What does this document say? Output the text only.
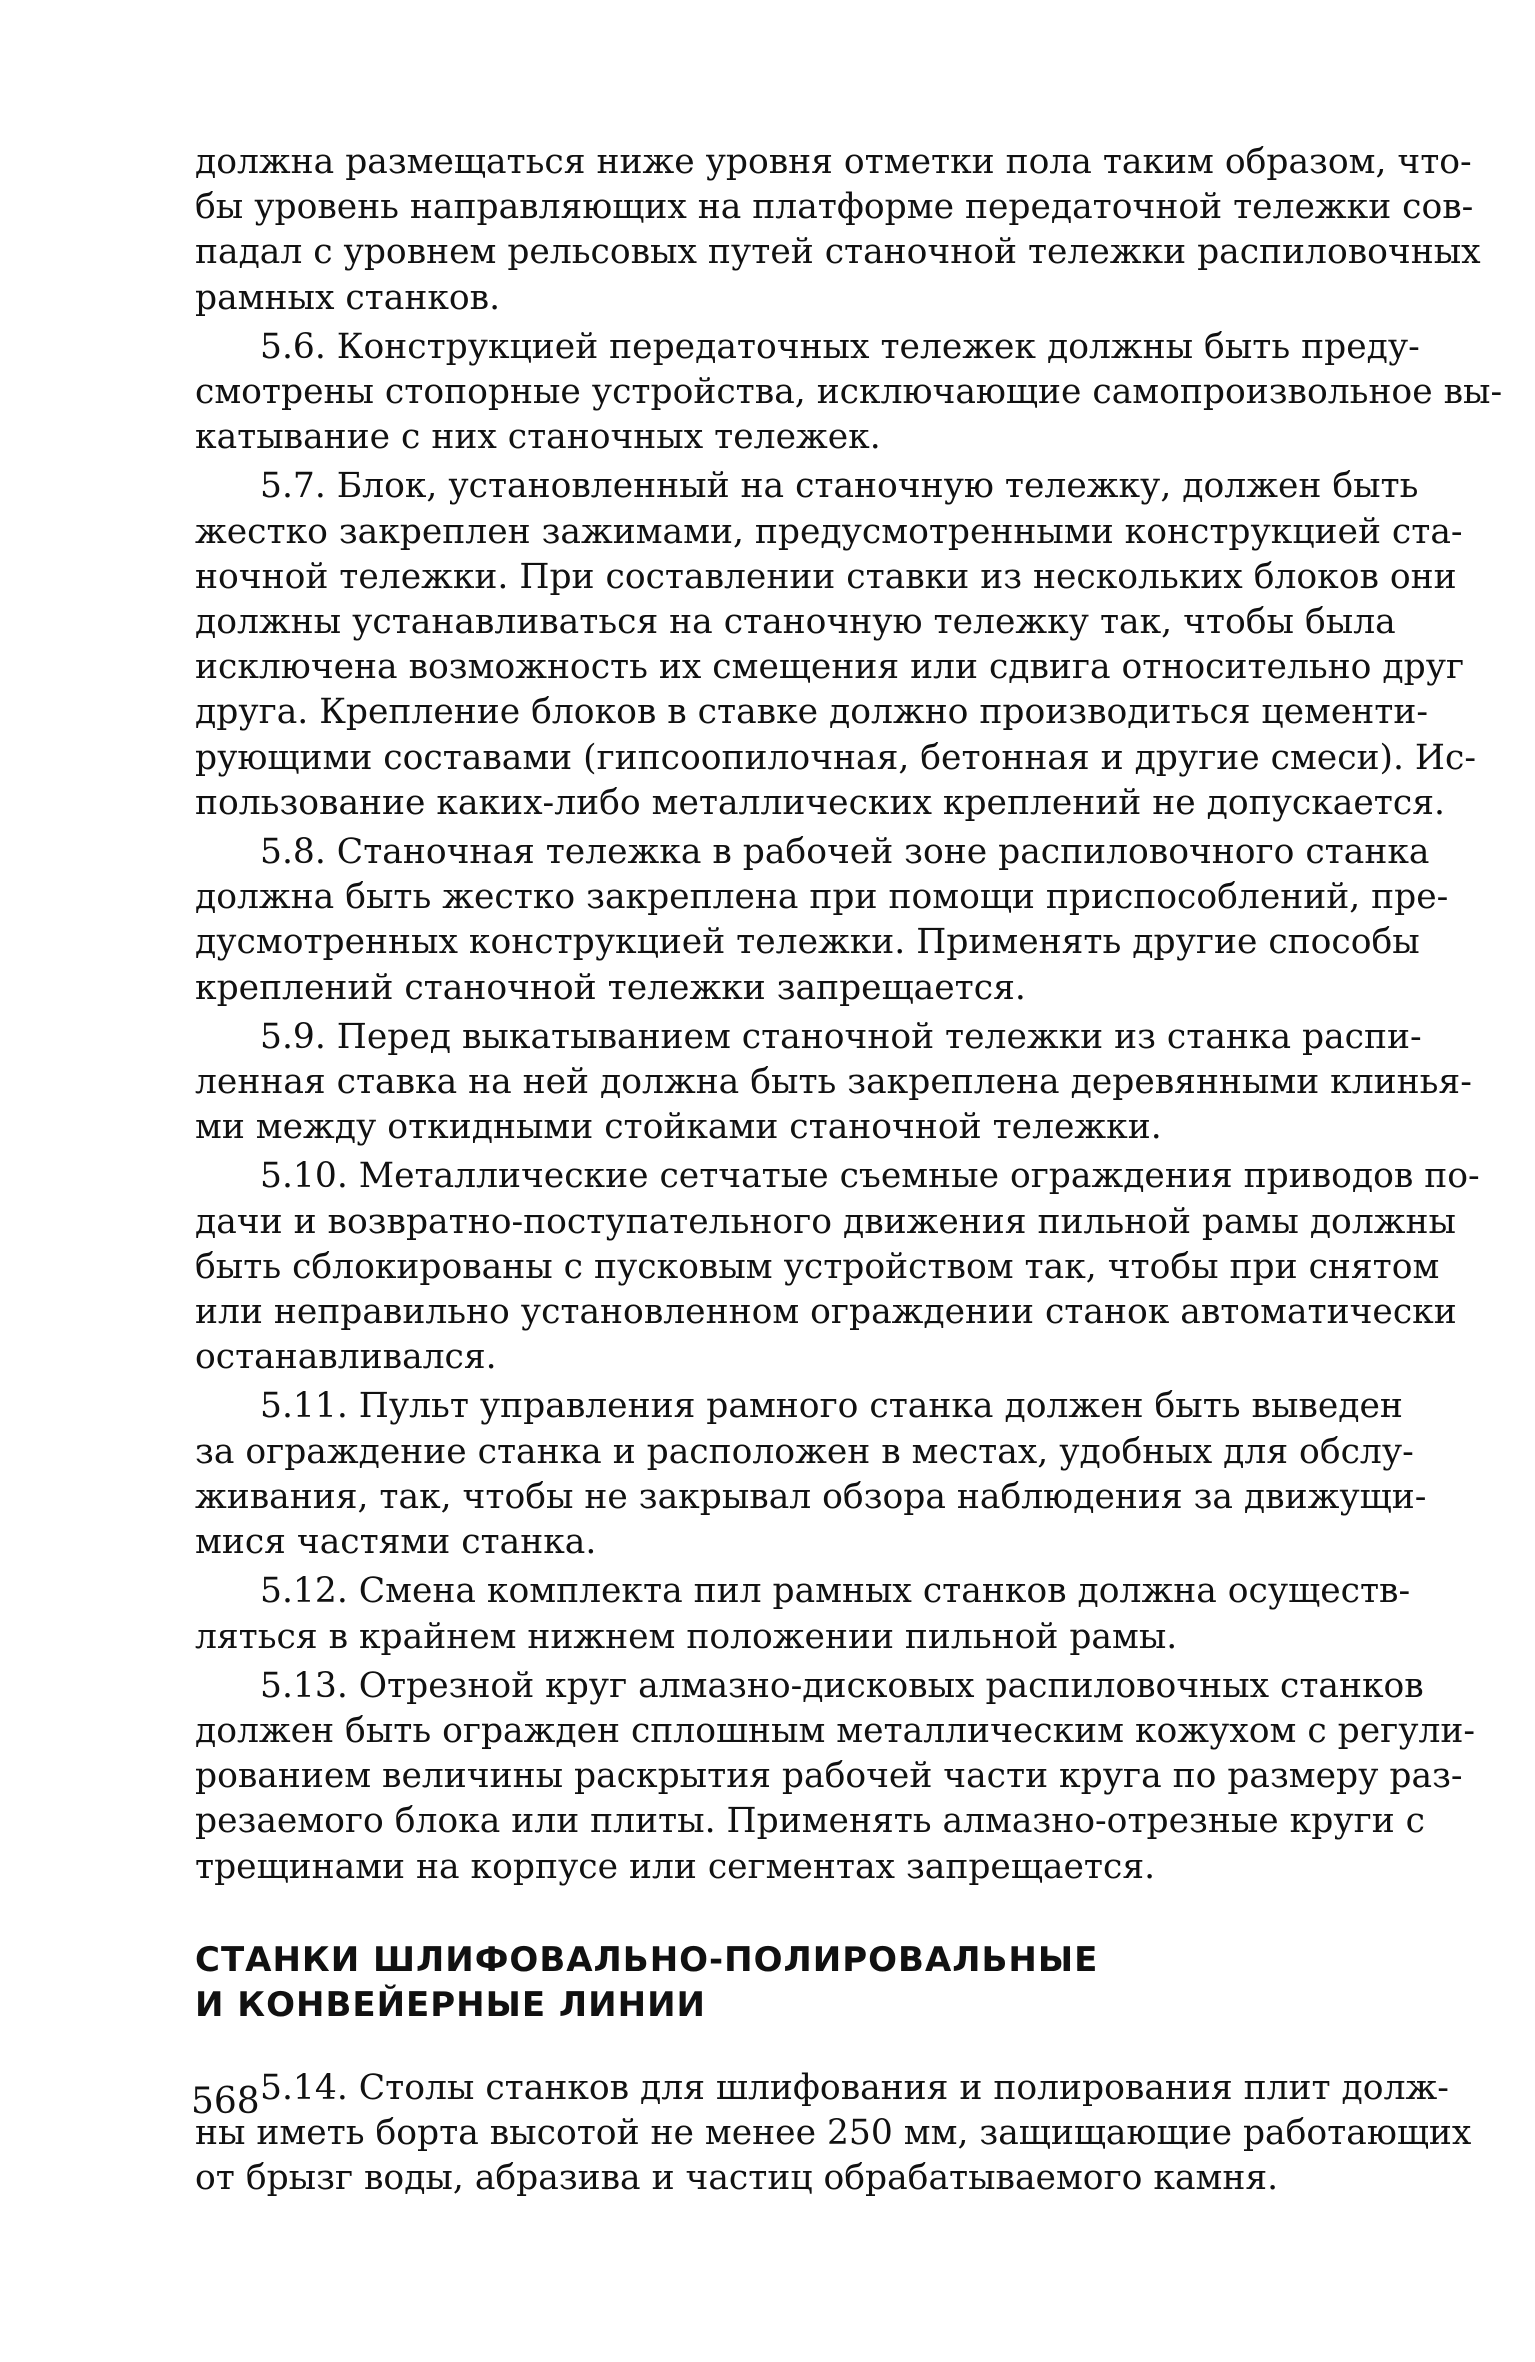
должна размещаться ниже уровня отметки пола таким образом, что-
бы уровень направляющих на платформе передаточной тележки сов-
падал с уровнем рельсовых путей станочной тележки распиловочных
рамных станков.

5.6. Конструкцией передаточных тележек должны быть преду-
смотрены стопорные устройства, исключающие самопроизвольное вы-
катывание с них станочных тележек.

5.7. Блок, установленный на станочную тележку, должен быть
жестко закреплен зажимами, предусмотренными конструкцией ста-
ночной тележки. При составлении ставки из нескольких блоков они
должны устанавливаться на станочную тележку так, чтобы была
исключена возможность их смещения или сдвига относительно друг
друга. Крепление блоков в ставке должно производиться цементи-
рующими составами (гипсоопилочная, бетонная и другие смеси). Ис-
пользование каких-либо металлических креплений не допускается.

5.8. Станочная тележка в рабочей зоне распиловочного станка
должна быть жестко закреплена при помощи приспособлений, пре-
дусмотренных конструкцией тележки. Применять другие способы
креплений станочной тележки запрещается.

5.9. Перед выкатыванием станочной тележки из станка распи-
ленная ставка на ней должна быть закреплена деревянными клинья-
ми между откидными стойками станочной тележки.

5.10. Металлические сетчатые съемные ограждения приводов по-
дачи и возвратно-поступательного движения пильной рамы должны
быть сблокированы с пусковым устройством так, чтобы при снятом
или неправильно установленном ограждении станок автоматически
останавливался.

5.11. Пульт управления рамного станка должен быть выведен
за ограждение станка и расположен в местах, удобных для обслу-
живания, так, чтобы не закрывал обзора наблюдения за движущи-
мися частями станка.

5.12. Смена комплекта пил рамных станков должна осуществ-
ляться в крайнем нижнем положении пильной рамы.

5.13. Отрезной круг алмазно-дисковых распиловочных станков
должен быть огражден сплошным металлическим кожухом с регули-
рованием величины раскрытия рабочей части круга по размеру раз-
резаемого блока или плиты. Применять алмазно-отрезные круги с
трещинами на корпусе или сегментах запрещается.

СТАНКИ ШЛИФОВАЛЬНО-ПОЛИРОВАЛЬНЫЕ
И КОНВЕЙЕРНЫЕ ЛИНИИ

5.14. Столы станков для шлифования и полирования плит долж-
ны иметь борта высотой не менее 250 мм, защищающие работающих
от брызг воды, абразива и частиц обрабатываемого камня.

568
